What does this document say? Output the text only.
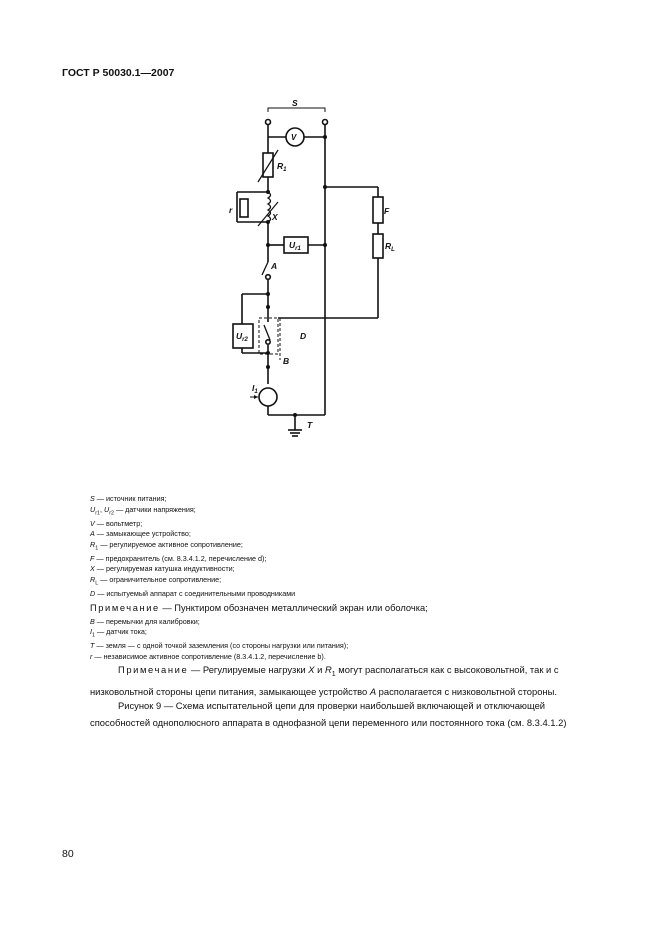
ГОСТ Р 50030.1—2007
S
V
$R_1$
r
X
$U_{r1}$
A
F
$R_L$
$U_{r2}$	D
B
$I_1$
T
S — источник питания;
$U_{r1}$, $U_{r2}$ — датчики напряжения;
V — вольтметр;
A — замыкающее устройство;
$R_1$ — регулируемое активное сопротивление;
F — предохранитель (см. 8.3.4.1.2, перечисление d);
X — регулируемая катушка индуктивности;
$R_L$ — ограничительное сопротивление;
D — испытуемый аппарат с соединительными проводниками
Примечание — Пунктиром обозначен металлический экран или оболочка;
B — перемычки для калибровки;
$I_1$ — датчик тока;
T — земля — с одной точкой заземления (со стороны нагрузки или питания);
r — независимое активное сопротивление (8.3.4.1.2, перечисление b).
Примечание — Регулируемые нагрузки X и $R_1$ могут располагаться как с высоковольтной, так и с низковольтной стороны цепи питания, замыкающее устройство A располагается с низковольтной стороны.
Рисунок 9 — Схема испытательной цепи для проверки наибольшей включающей и отключающей способностей однополюсного аппарата в однофазной цепи переменного или постоянного тока (см. 8.3.4.1.2)
80
